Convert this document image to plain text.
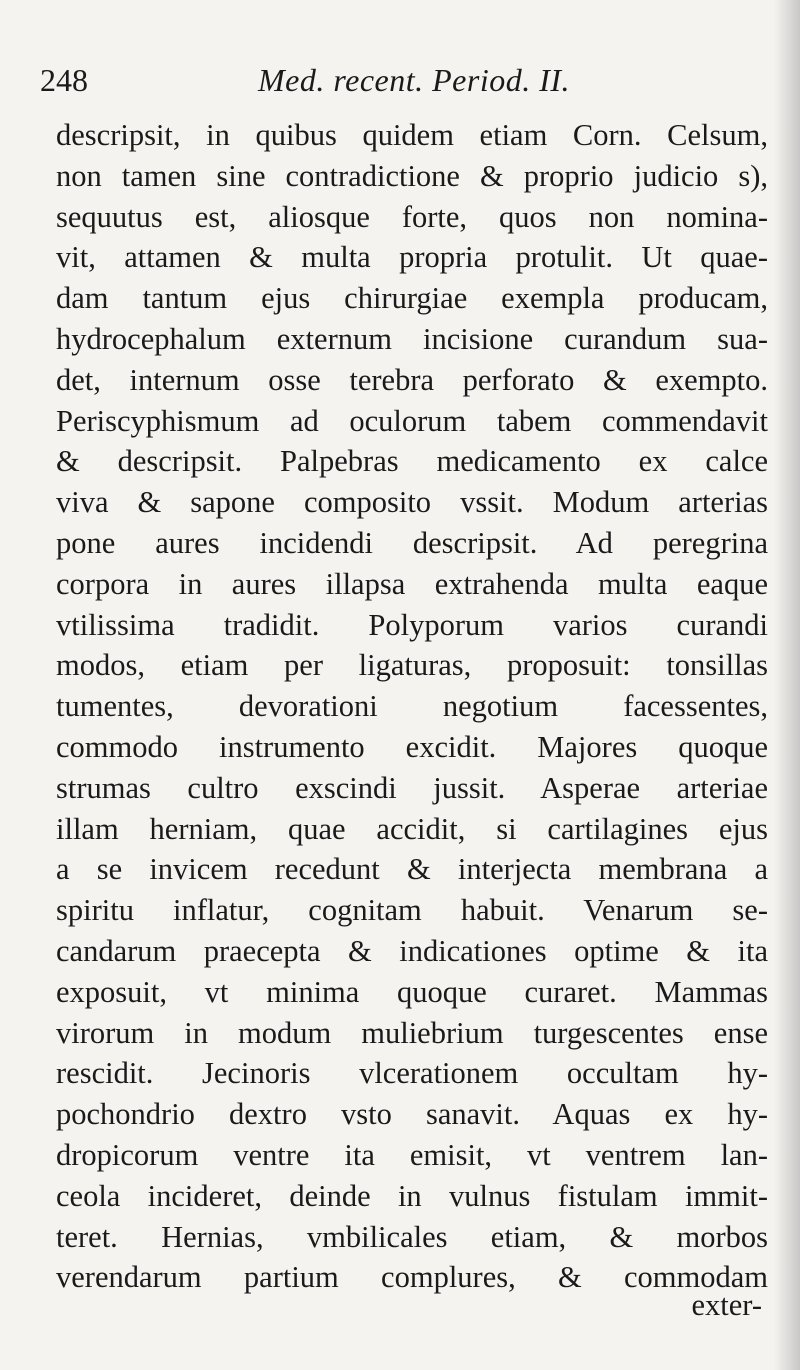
248	Med. recent. Period. II.
descripsit, in quibus quidem etiam Corn. Celsum,
non tamen sine contradictione & proprio judicio s),
sequutus est, aliosque forte, quos non nomina-
vit, attamen & multa propria protulit. Ut quae-
dam tantum ejus chirurgiae exempla producam,
hydrocephalum externum incisione curandum sua-
det, internum osse terebra perforato & exempto.
Periscyphismum ad oculorum tabem commendavit
& descripsit. Palpebras medicamento ex calce
viva & sapone composito vssit. Modum arterias
pone aures incidendi descripsit. Ad peregrina
corpora in aures illapsa extrahenda multa eaque
vtilissima tradidit. Polyporum varios curandi
modos, etiam per ligaturas, proposuit: tonsillas
tumentes, devorationi negotium facessentes,
commodo instrumento excidit. Majores quoque
strumas cultro exscindi jussit. Asperae arteriae
illam herniam, quae accidit, si cartilagines ejus
a se invicem recedunt & interjecta membrana a
spiritu inflatur, cognitam habuit. Venarum se-
candarum praecepta & indicationes optime & ita
exposuit, vt minima quoque curaret. Mammas
virorum in modum muliebrium turgescentes ense
rescidit. Jecinoris vlcerationem occultam hy-
pochondrio dextro vsto sanavit. Aquas ex hy-
dropicorum ventre ita emisit, vt ventrem lan-
ceola incideret, deinde in vulnus fistulam immit-
teret. Hernias, vmbilicales etiam, & morbos
verendarum partium complures, & commodam
exter-
